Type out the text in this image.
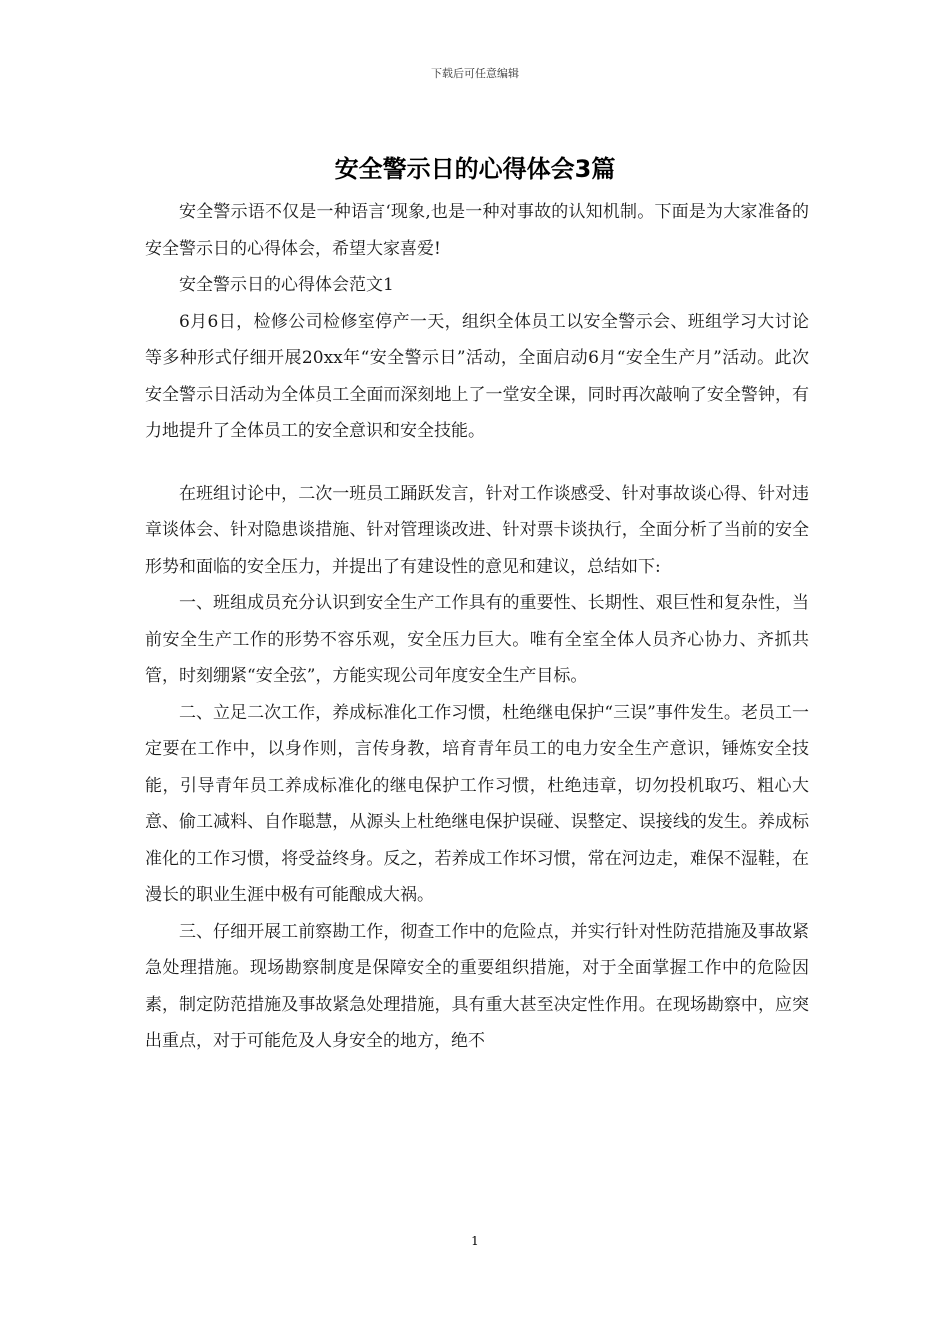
下载后可任意编辑
安全警示日的心得体会3篇

安全警示语不仅是一种语言‘现象,也是一种对事故的认知机制。下面是为大家准备的安全警示日的心得体会，希望大家喜爱!

安全警示日的心得体会范文1

6月6日，检修公司检修室停产一天，组织全体员工以安全警示会、班组学习大讨论等多种形式仔细开展20xx年“安全警示日”活动，全面启动6月“安全生产月”活动。此次安全警示日活动为全体员工全面而深刻地上了一堂安全课，同时再次敲响了安全警钟，有力地提升了全体员工的安全意识和安全技能。

在班组讨论中，二次一班员工踊跃发言，针对工作谈感受、针对事故谈心得、针对违章谈体会、针对隐患谈措施、针对管理谈改进、针对票卡谈执行，全面分析了当前的安全形势和面临的安全压力，并提出了有建设性的意见和建议，总结如下:

一、班组成员充分认识到安全生产工作具有的重要性、长期性、艰巨性和复杂性，当前安全生产工作的形势不容乐观，安全压力巨大。唯有全室全体人员齐心协力、齐抓共管，时刻绷紧“安全弦”，方能实现公司年度安全生产目标。

二、立足二次工作，养成标准化工作习惯，杜绝继电保护“三误”事件发生。老员工一定要在工作中，以身作则，言传身教，培育青年员工的电力安全生产意识，锤炼安全技能，引导青年员工养成标准化的继电保护工作习惯，杜绝违章，切勿投机取巧、粗心大意、偷工减料、自作聪慧，从源头上杜绝继电保护误碰、误整定、误接线的发生。养成标准化的工作习惯，将受益终身。反之，若养成工作坏习惯，常在河边走，难保不湿鞋，在漫长的职业生涯中极有可能酿成大祸。

三、仔细开展工前察勘工作，彻查工作中的危险点，并实行针对性防范措施及事故紧急处理措施。现场勘察制度是保障安全的重要组织措施，对于全面掌握工作中的危险因素，制定防范措施及事故紧急处理措施，具有重大甚至决定性作用。在现场勘察中，应突出重点，对于可能危及人身安全的地方，绝不

1
